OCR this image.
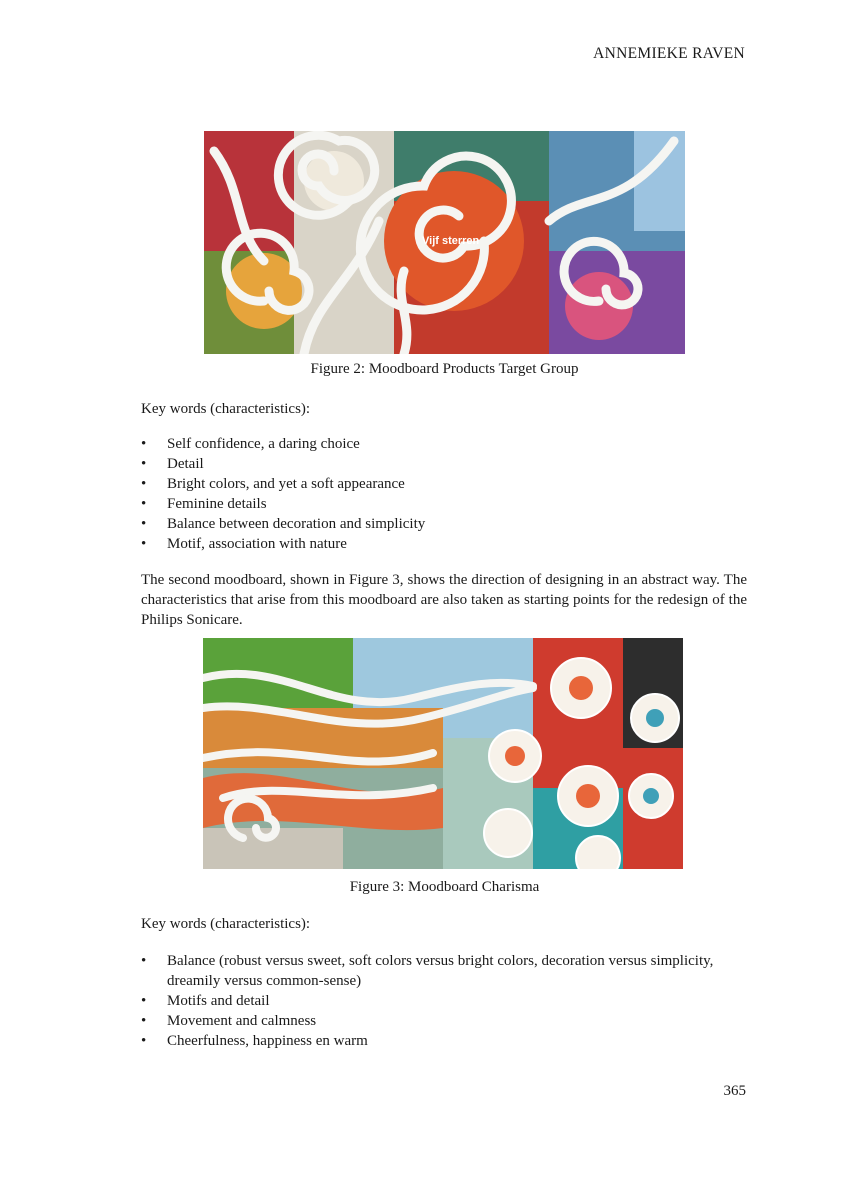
ANNEMIEKE RAVEN
Vijf sterren
Figure 2: Moodboard Products Target Group
Key words (characteristics):
• Self confidence, a daring choice
• Detail
• Bright colors, and yet a soft appearance
• Feminine details
• Balance between decoration and simplicity
• Motif, association with nature
The second moodboard, shown in Figure 3, shows the direction of designing in an abstract way. The characteristics that arise from this moodboard are also taken as starting points for the redesign of the Philips Sonicare.
Figure 3: Moodboard Charisma
Key words (characteristics):
• Balance (robust versus sweet, soft colors versus bright colors, decoration versus simplicity, dreamily versus common-sense)
• Motifs and detail
• Movement and calmness
• Cheerfulness, happiness en warm
365
